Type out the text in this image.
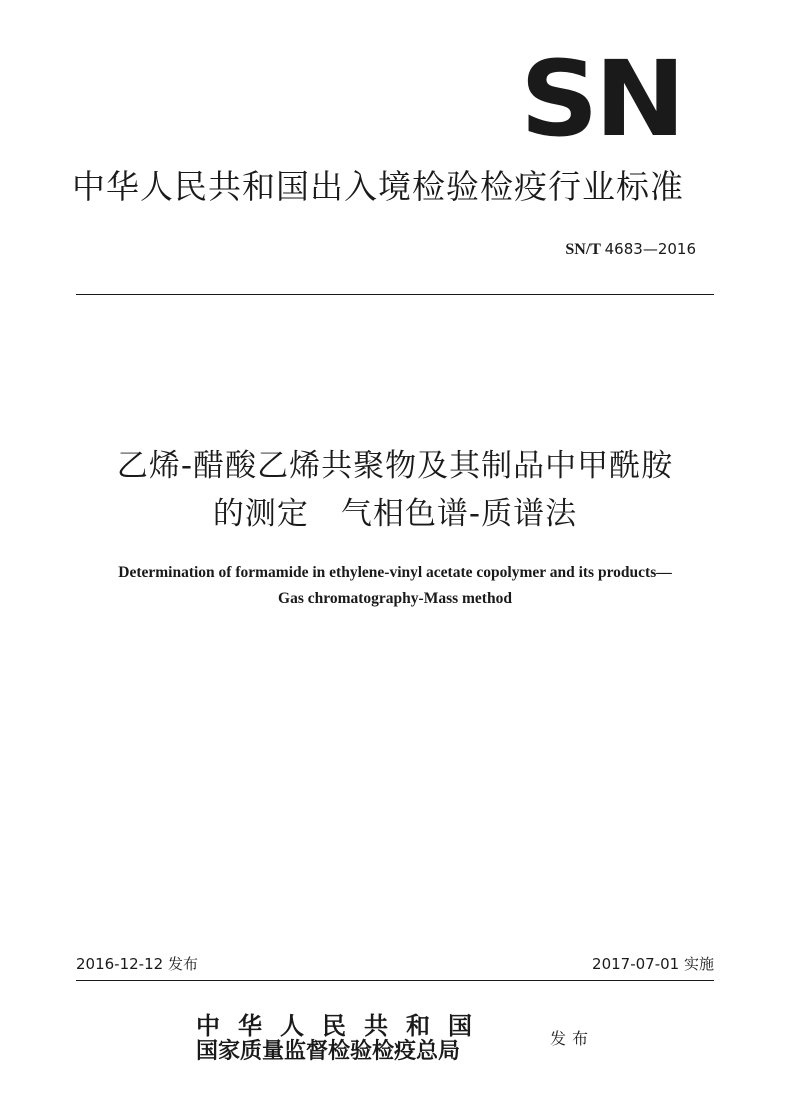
SN
中华人民共和国出入境检验检疫行业标准
SN/T 4683—2016
乙烯-醋酸乙烯共聚物及其制品中甲酰胺
的测定　气相色谱-质谱法
Determination of formamide in ethylene-vinyl acetate copolymer and its products—
Gas chromatography-Mass method
2016-12-12 发布	2017-07-01 实施
中华人民共和国
国家质量监督检验检疫总局	发布
